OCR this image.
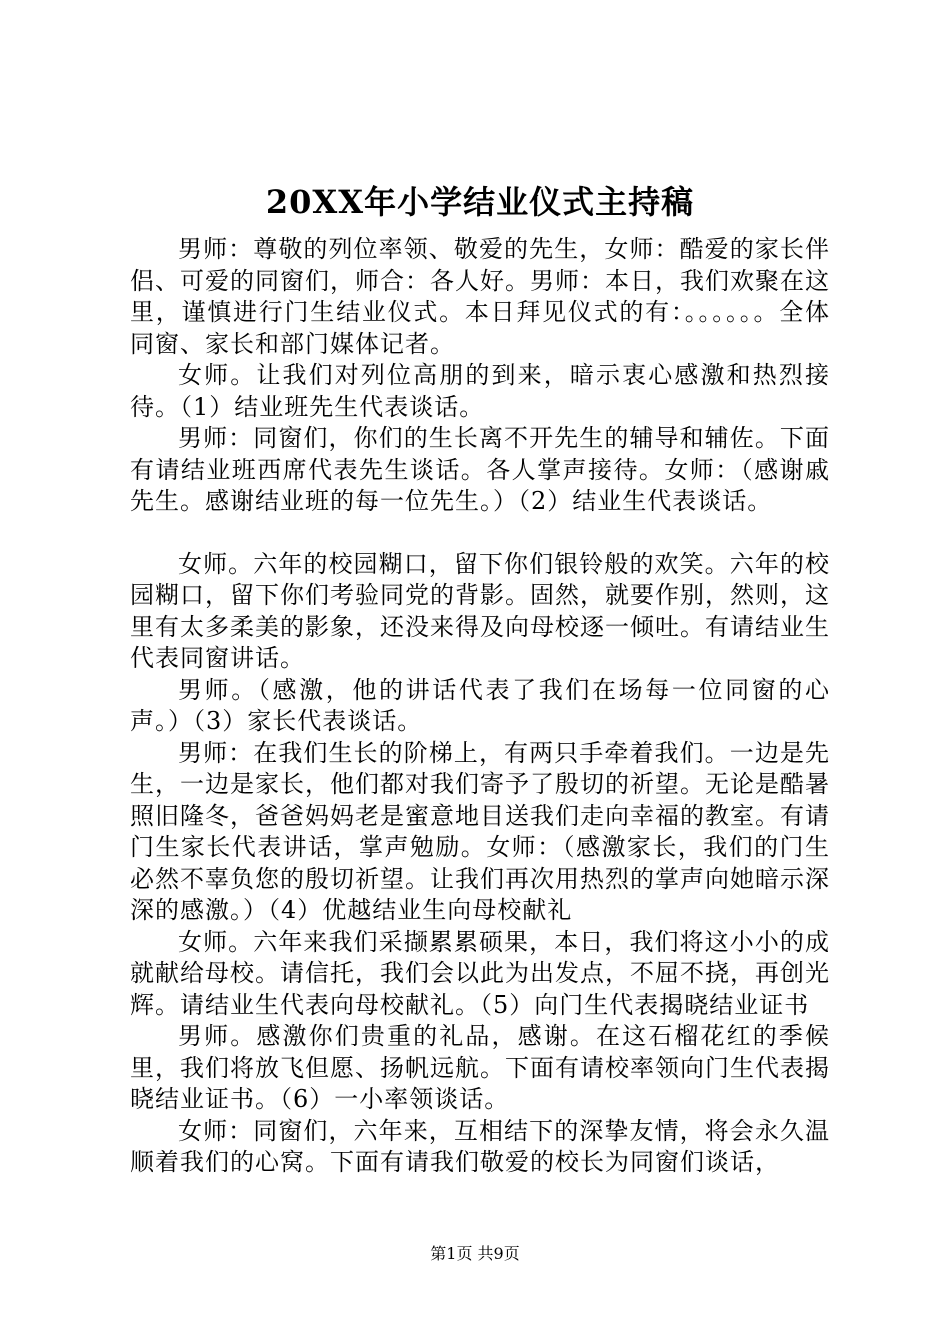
20XX年小学结业仪式主持稿

男师：尊敬的列位率领、敬爱的先生，女师：酷爱的家长伴侣、可爱的同窗们，师合：各人好。男师：本日，我们欢聚在这里，谨慎进行门生结业仪式。本日拜见仪式的有：。。。。。。全体同窗、家长和部门媒体记者。

女师。让我们对列位高朋的到来，暗示衷心感激和热烈接待。（1）结业班先生代表谈话。

男师：同窗们，你们的生长离不开先生的辅导和辅佐。下面有请结业班西席代表先生谈话。各人掌声接待。女师：（感谢戚先生。感谢结业班的每一位先生。）（2）结业生代表谈话。

女师。六年的校园糊口，留下你们银铃般的欢笑。六年的校园糊口，留下你们考验同党的背影。固然，就要作别，然则，这里有太多柔美的影象，还没来得及向母校逐一倾吐。有请结业生代表同窗讲话。

男师。（感激，他的讲话代表了我们在场每一位同窗的心声。）（3）家长代表谈话。

男师：在我们生长的阶梯上，有两只手牵着我们。一边是先生，一边是家长，他们都对我们寄予了殷切的祈望。无论是酷暑照旧隆冬，爸爸妈妈老是蜜意地目送我们走向幸福的教室。有请门生家长代表讲话，掌声勉励。女师：（感激家长，我们的门生必然不辜负您的殷切祈望。让我们再次用热烈的掌声向她暗示深深的感激。）（4）优越结业生向母校献礼

女师。六年来我们采撷累累硕果，本日，我们将这小小的成就献给母校。请信托，我们会以此为出发点，不屈不挠，再创光辉。请结业生代表向母校献礼。（5）向门生代表揭晓结业证书

男师。感激你们贵重的礼品，感谢。在这石榴花红的季候里，我们将放飞但愿、扬帆远航。下面有请校率领向门生代表揭晓结业证书。（6）一小率领谈话。

女师：同窗们，六年来，互相结下的深挚友情，将会永久温顺着我们的心窝。下面有请我们敬爱的校长为同窗们谈话，

第1页 共9页
